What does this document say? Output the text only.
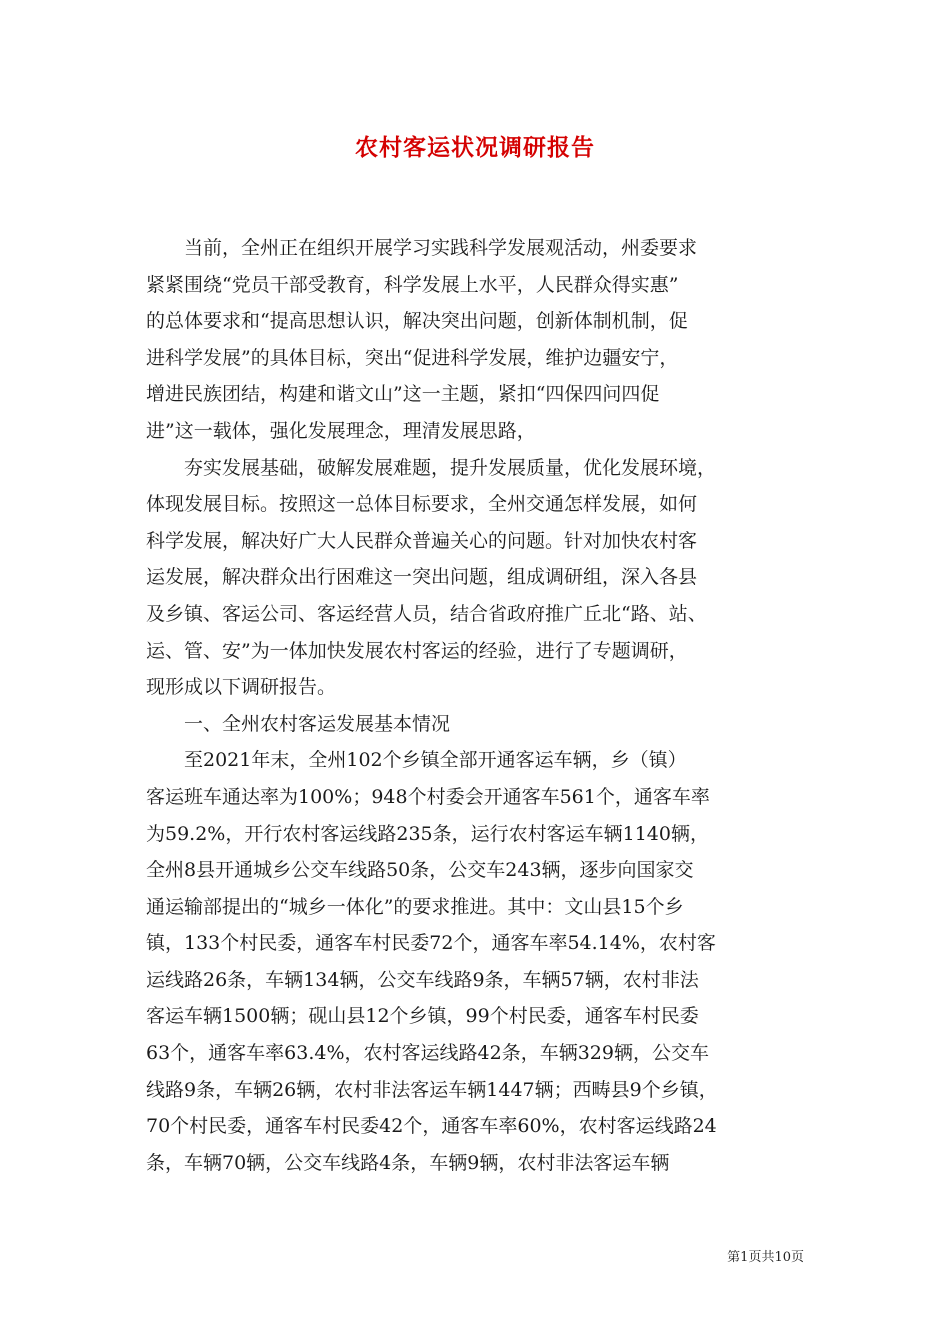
农村客运状况调研报告
当前，全州正在组织开展学习实践科学发展观活动，州委要求
紧紧围绕“党员干部受教育，科学发展上水平，人民群众得实惠”
的总体要求和“提高思想认识，解决突出问题，创新体制机制，促
进科学发展”的具体目标，突出“促进科学发展，维护边疆安宁，
增进民族团结，构建和谐文山”这一主题，紧扣“四保四问四促
进”这一载体，强化发展理念，理清发展思路，
夯实发展基础，破解发展难题，提升发展质量，优化发展环境，
体现发展目标。按照这一总体目标要求，全州交通怎样发展，如何
科学发展，解决好广大人民群众普遍关心的问题。针对加快农村客
运发展，解决群众出行困难这一突出问题，组成调研组，深入各县
及乡镇、客运公司、客运经营人员，结合省政府推广丘北“路、站、
运、管、安”为一体加快发展农村客运的经验，进行了专题调研，
现形成以下调研报告。
一、全州农村客运发展基本情况
至2021年末，全州102个乡镇全部开通客运车辆，乡（镇）
客运班车通达率为100%；948个村委会开通客车561个，通客车率
为59.2%，开行农村客运线路235条，运行农村客运车辆1140辆，
全州8县开通城乡公交车线路50条，公交车243辆，逐步向国家交
通运输部提出的“城乡一体化”的要求推进。其中：文山县15个乡
镇，133个村民委，通客车村民委72个，通客车率54.14%，农村客
运线路26条，车辆134辆，公交车线路9条，车辆57辆，农村非法
客运车辆1500辆；砚山县12个乡镇，99个村民委，通客车村民委
63个，通客车率63.4%，农村客运线路42条，车辆329辆，公交车
线路9条，车辆26辆，农村非法客运车辆1447辆；西畴县9个乡镇，
70个村民委，通客车村民委42个，通客车率60%，农村客运线路24
条，车辆70辆，公交车线路4条，车辆9辆，农村非法客运车辆
第1页共10页
